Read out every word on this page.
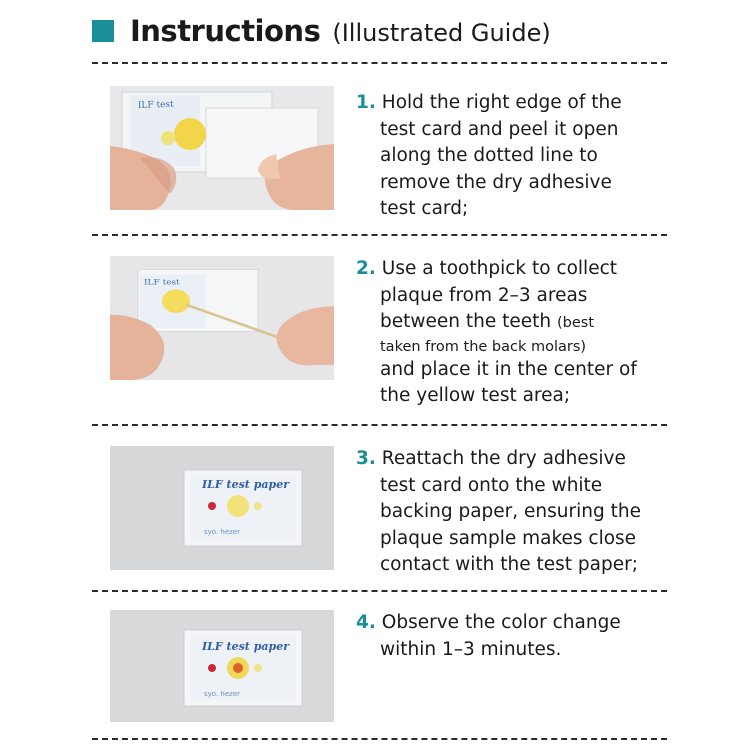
Instructions (Illustrated Guide)
ILF test	1. Hold the right edge of the
test card and peel it open
along the dotted line to
remove the dry adhesive
test card;
ILF test
2. Use a toothpick to collect
plaque from 2–3 areas
between the teeth (best
taken from the back molars)
and place it in the center of
the yellow test area;
ILF test paper
syo. hezer
3. Reattach the dry adhesive
test card onto the white
backing paper, ensuring the
plaque sample makes close
contact with the test paper;
ILF test paper
syo. hezer
4. Observe the color change
within 1–3 minutes.
